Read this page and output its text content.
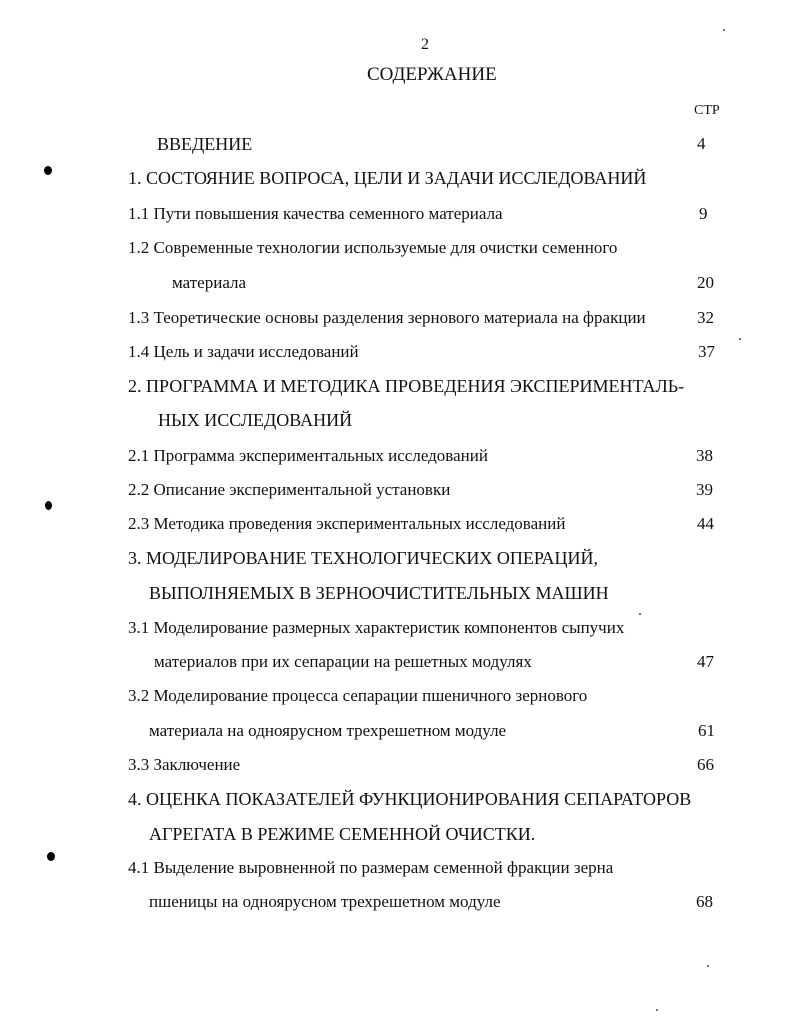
2
СОДЕРЖАНИЕ
СТР
ВВЕДЕНИЕ
1. СОСТОЯНИЕ ВОПРОСА, ЦЕЛИ И ЗАДАЧИ ИССЛЕДОВАНИЙ
1.1 Пути повышения качества семенного материала
1.2 Современные технологии используемые для очистки семенного
материала
1.3 Теоретические основы разделения зернового материала на фракции
1.4 Цель и задачи исследований
2. ПРОГРАММА И МЕТОДИКА ПРОВЕДЕНИЯ ЭКСПЕРИМЕНТАЛЬ-
НЫХ ИССЛЕДОВАНИЙ
2.1 Программа экспериментальных исследований
2.2 Описание экспериментальной установки
2.3 Методика проведения экспериментальных исследований
3. МОДЕЛИРОВАНИЕ ТЕХНОЛОГИЧЕСКИХ ОПЕРАЦИЙ,
ВЫПОЛНЯЕМЫХ В ЗЕРНООЧИСТИТЕЛЬНЫХ МАШИН
3.1 Моделирование размерных характеристик компонентов сыпучих
материалов при их сепарации на решетных модулях
3.2 Моделирование процесса сепарации пшеничного зернового
материала на одноярусном трехрешетном модуле
3.3 Заключение
4. ОЦЕНКА ПОКАЗАТЕЛЕЙ ФУНКЦИОНИРОВАНИЯ СЕПАРАТОРОВ
АГРЕГАТА В РЕЖИМЕ СЕМЕННОЙ ОЧИСТКИ.
4.1 Выделение выровненной по размерам семенной фракции зерна
пшеницы на одноярусном трехрешетном модуле
4
9
20
32
37
38
39
44
47
61
66
68
